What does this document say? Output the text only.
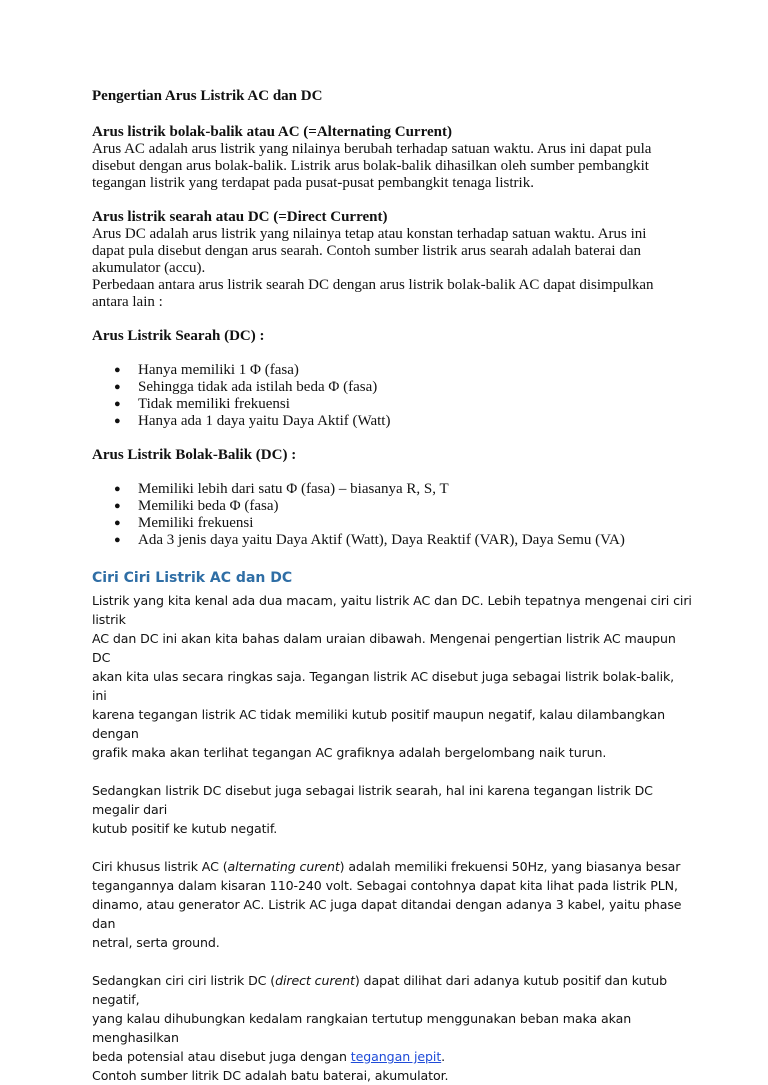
Pengertian Arus Listrik AC dan DC

Arus listrik bolak-balik atau AC (=Alternating Current)

Arus AC adalah arus listrik yang nilainya berubah terhadap satuan waktu. Arus ini dapat pula

disebut dengan arus bolak-balik. Listrik arus bolak-balik dihasilkan oleh sumber pembangkit

tegangan listrik yang terdapat pada pusat-pusat pembangkit tenaga listrik.

Arus listrik searah atau DC (=Direct Current)

Arus DC adalah arus listrik yang nilainya tetap atau konstan terhadap satuan waktu. Arus ini

dapat pula disebut dengan arus searah. Contoh sumber listrik arus searah adalah baterai dan

akumulator (accu).

Perbedaan antara arus listrik searah DC dengan arus listrik bolak-balik AC dapat disimpulkan

antara lain :

Arus Listrik Searah (DC) :

● Hanya memiliki 1 Φ (fasa)
● Sehingga tidak ada istilah beda Φ (fasa)
● Tidak memiliki frekuensi
● Hanya ada 1 daya yaitu Daya Aktif (Watt)

Arus Listrik Bolak-Balik (DC) :

● Memiliki lebih dari satu Φ (fasa) – biasanya R, S, T
● Memiliki beda Φ (fasa)
● Memiliki frekuensi
● Ada 3 jenis daya yaitu Daya Aktif (Watt), Daya Reaktif (VAR), Daya Semu (VA)

Ciri Ciri Listrik AC dan DC

Listrik yang kita kenal ada dua macam, yaitu listrik AC dan DC. Lebih tepatnya mengenai ciri ciri listrik

AC dan DC ini akan kita bahas dalam uraian dibawah. Mengenai pengertian listrik AC maupun DC

akan kita ulas secara ringkas saja. Tegangan listrik AC disebut juga sebagai listrik bolak-balik, ini

karena tegangan listrik AC tidak memiliki kutub positif maupun negatif, kalau dilambangkan dengan

grafik maka akan terlihat tegangan AC grafiknya adalah bergelombang naik turun.

Sedangkan listrik DC disebut juga sebagai listrik searah, hal ini karena tegangan listrik DC megalir dari

kutub positif ke kutub negatif.

Ciri khusus listrik AC (alternating curent) adalah memiliki frekuensi 50Hz, yang biasanya besar

tegangannya dalam kisaran 110-240 volt. Sebagai contohnya dapat kita lihat pada listrik PLN,

dinamo, atau generator AC. Listrik AC juga dapat ditandai dengan adanya 3 kabel, yaitu phase dan

netral, serta ground.

Sedangkan ciri ciri listrik DC (direct curent) dapat dilihat dari adanya kutub positif dan kutub negatif,

yang kalau dihubungkan kedalam rangkaian tertutup menggunakan beban maka akan menghasilkan

beda potensial atau disebut juga dengan tegangan jepit.

Contoh sumber litrik DC adalah batu baterai, akumulator.
